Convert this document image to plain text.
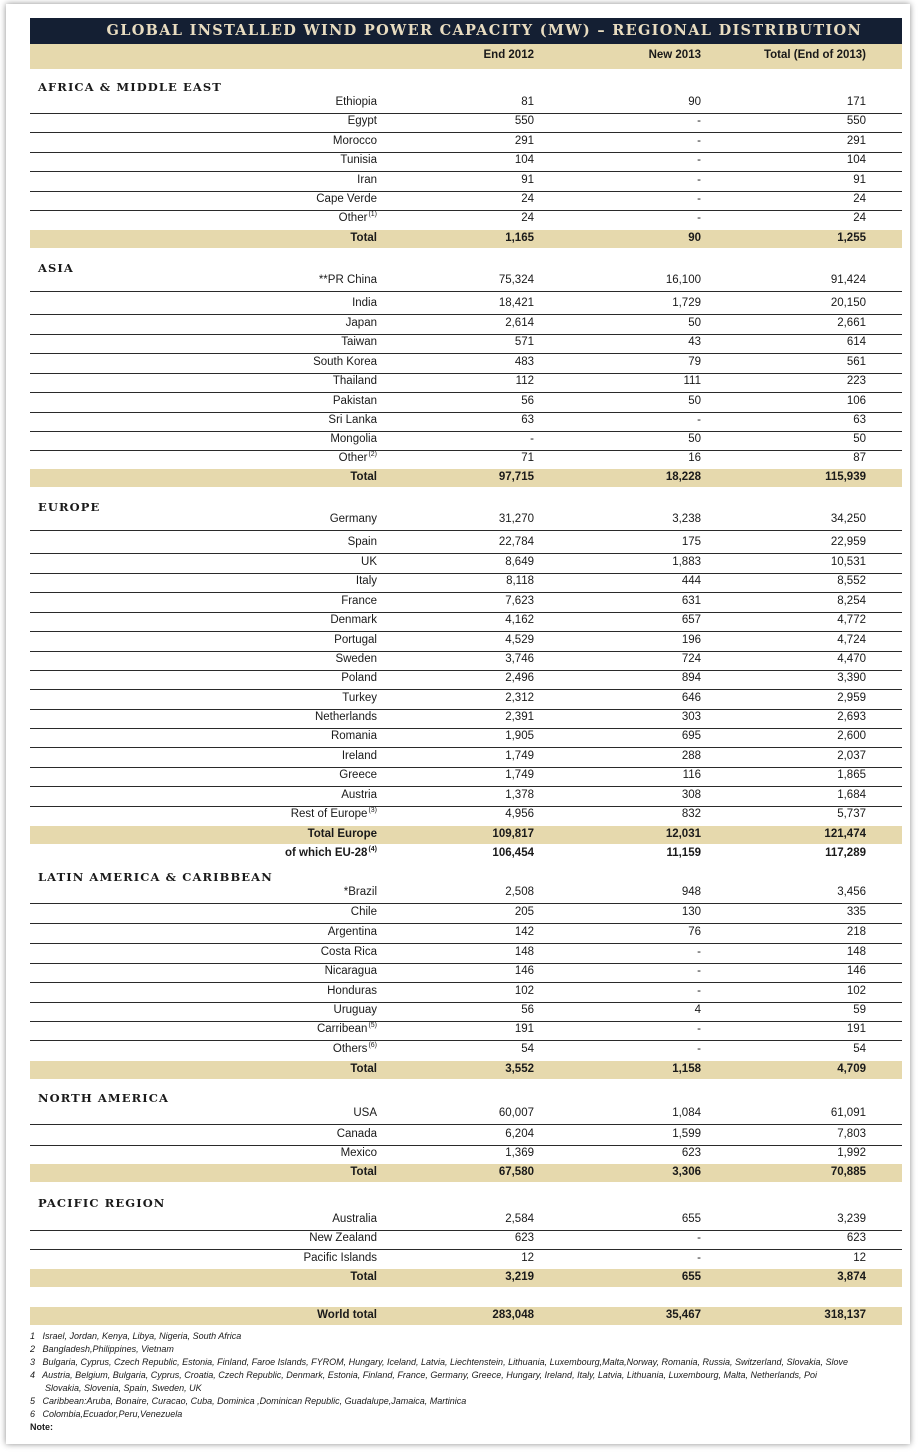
GLOBAL INSTALLED WIND POWER CAPACITY (MW) – REGIONAL DISTRIBUTION
End 2012	New 2013	Total (End of 2013)
AFRICA & MIDDLE EAST
Ethiopia	81	90	171
Egypt	550	-	550
Morocco	291	-	291
Tunisia	104	-	104
Iran	91	-	91
Cape Verde	24	-	24
Other$^{(1)}$	24	-	24
Total	1,165	90	1,255
ASIA
**PR China	75,324	16,100	91,424
India	18,421	1,729	20,150
Japan	2,614	50	2,661
Taiwan	571	43	614
South Korea	483	79	561
Thailand	112	111	223
Pakistan	56	50	106
Sri Lanka	63	-	63
Mongolia	-	50	50
Other$^{(2)}$	71	16	87
Total	97,715	18,228	115,939
EUROPE
Germany	31,270	3,238	34,250
Spain	22,784	175	22,959
UK	8,649	1,883	10,531
Italy	8,118	444	8,552
France	7,623	631	8,254
Denmark	4,162	657	4,772
Portugal	4,529	196	4,724
Sweden	3,746	724	4,470
Poland	2,496	894	3,390
Turkey	2,312	646	2,959
Netherlands	2,391	303	2,693
Romania	1,905	695	2,600
Ireland	1,749	288	2,037
Greece	1,749	116	1,865
Austria	1,378	308	1,684
Rest of Europe$^{(3)}$	4,956	832	5,737
Total Europe	109,817	12,031	121,474
of which EU-28$^{(4)}$	106,454	11,159	117,289
LATIN AMERICA & CARIBBEAN
*Brazil	2,508	948	3,456
Chile	205	130	335
Argentina	142	76	218
Costa Rica	148	-	148
Nicaragua	146	-	146
Honduras	102	-	102
Uruguay	56	4	59
Carribean$^{(5)}$	191	-	191
Others$^{(6)}$	54	-	54
Total	3,552	1,158	4,709
NORTH AMERICA
USA	60,007	1,084	61,091
Canada	6,204	1,599	7,803
Mexico	1,369	623	1,992
Total	67,580	3,306	70,885
PACIFIC REGION
Australia	2,584	655	3,239
New Zealand	623	-	623
Pacific Islands	12	-	12
Total	3,219	655	3,874
World total	283,048	35,467	318,137
1   Israel, Jordan, Kenya, Libya, Nigeria, South Africa
2   Bangladesh,Philippines, Vietnam
3   Bulgaria, Cyprus, Czech Republic, Estonia, Finland, Faroe Islands, FYROM, Hungary, Iceland, Latvia, Liechtenstein, Lithuania, Luxembourg,Malta,Norway, Romania, Russia, Switzerland, Slovakia, Slove
4   Austria, Belgium, Bulgaria, Cyprus, Croatia, Czech Republic, Denmark, Estonia, Finland, France, Germany, Greece, Hungary, Ireland, Italy, Latvia, Lithuania, Luxembourg, Malta, Netherlands, Poi
Slovakia, Slovenia, Spain, Sweden, UK
5   Caribbean:Aruba, Bonaire, Curacao, Cuba, Dominica ,Dominican Republic, Guadalupe,Jamaica, Martinica
6   Colombia,Ecuador,Peru,Venezuela
Note:
